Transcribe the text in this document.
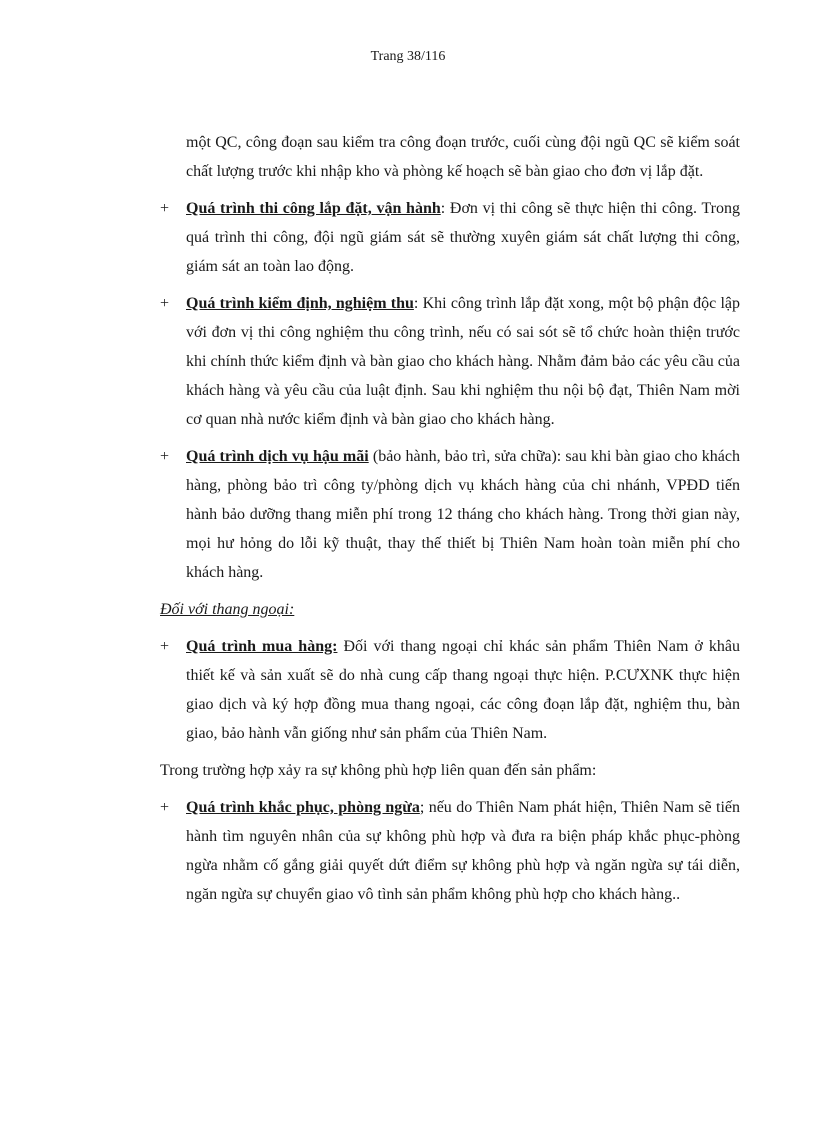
Trang 38/116

một QC, công đoạn sau kiểm tra công đoạn trước, cuối cùng đội ngũ QC sẽ kiểm soát chất lượng trước khi nhập kho và phòng kế hoạch sẽ bàn giao cho đơn vị lắp đặt.

+ Quá trình thi công lắp đặt, vận hành: Đơn vị thi công sẽ thực hiện thi công. Trong quá trình thi công, đội ngũ giám sát sẽ thường xuyên giám sát chất lượng thi công, giám sát an toàn lao động.
+ Quá trình kiểm định, nghiệm thu: Khi công trình lắp đặt xong, một bộ phận độc lập với đơn vị thi công nghiệm thu công trình, nếu có sai sót sẽ tổ chức hoàn thiện trước khi chính thức kiểm định và bàn giao cho khách hàng. Nhằm đảm bảo các yêu cầu của khách hàng và yêu cầu của luật định. Sau khi nghiệm thu nội bộ đạt, Thiên Nam mời cơ quan nhà nước kiểm định và bàn giao cho khách hàng.
+ Quá trình dịch vụ hậu mãi (bảo hành, bảo trì, sửa chữa): sau khi bàn giao cho khách hàng, phòng bảo trì công ty/phòng dịch vụ khách hàng của chi nhánh, VPĐD tiến hành bảo dưỡng thang miễn phí trong 12 tháng cho khách hàng. Trong thời gian này, mọi hư hỏng do lỗi kỹ thuật, thay thế thiết bị Thiên Nam hoàn toàn miễn phí cho khách hàng.

Đối với thang ngoại:

+ Quá trình mua hàng: Đối với thang ngoại chỉ khác sản phẩm Thiên Nam ở khâu thiết kế và sản xuất sẽ do nhà cung cấp thang ngoại thực hiện. P.CƯXNK thực hiện giao dịch và ký hợp đồng mua thang ngoại, các công đoạn lắp đặt, nghiệm thu, bàn giao, bảo hành vẫn giống như sản phẩm của Thiên Nam.

Trong trường hợp xảy ra sự không phù hợp liên quan đến sản phẩm:

+ Quá trình khắc phục, phòng ngừa; nếu do Thiên Nam phát hiện, Thiên Nam sẽ tiến hành tìm nguyên nhân của sự không phù hợp và đưa ra biện pháp khắc phục-phòng ngừa nhằm cố gắng giải quyết dứt điểm sự không phù hợp và ngăn ngừa sự tái diễn, ngăn ngừa sự chuyển giao vô tình sản phẩm không phù hợp cho khách hàng..
